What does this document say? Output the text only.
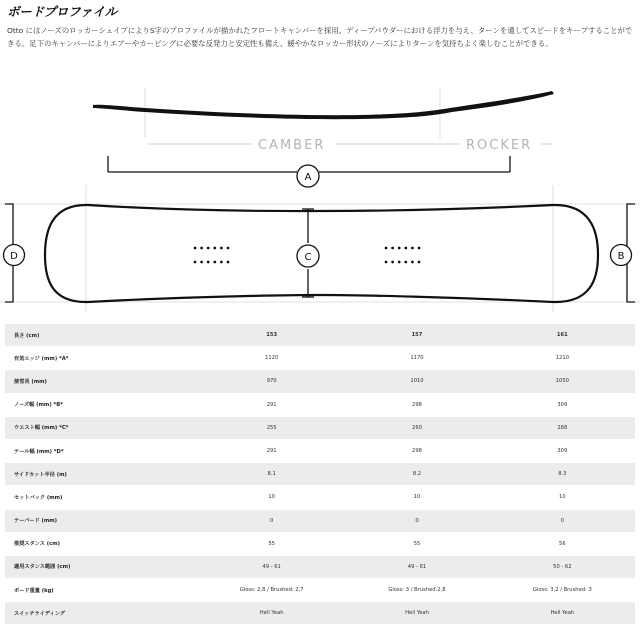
ボードプロファイル
Otto にはノーズのロッカーシェイプによりS字のプロファイルが描かれたフロートキャンバーを採用。ディープパウダーにおける浮力を与え、ターンを通してスピードをキープすることができる。足下のキャンバーによりエアーやカービングに必要な反発力と安定性も備え、緩やかなロッカー形状のノーズによりターンを気持ちよく楽しむことができる。
CAMBER	ROCKER
A
D	B
C
長さ (cm)	153	157	161
有効エッジ (mm) *A*	1120	1170	1210
接雪長 (mm)	970	1010	1050
ノーズ幅 (mm) *B*	291	298	309
ウエスト幅 (mm) *C*	255	260	268
テール幅 (mm) *D*	291	298	309
サイドカット半径 (m)	8.1	8.2	8.3
セットバック (mm)	10	10	10
テーパード (mm)	0	0	0
推奨スタンス (cm)	55	55	56
適用スタンス範囲 (cm)	49 - 61	49 - 61	50 - 62
ボード重量 (kg)	Gloss: 2,8 / Brushed: 2,7	Gloss: 3 / Brushed:2,8	Gloss: 3,2 / Brushed: 3
スイッチライディング	Hell Yeah	Hell Yeah	Hell Yeah
